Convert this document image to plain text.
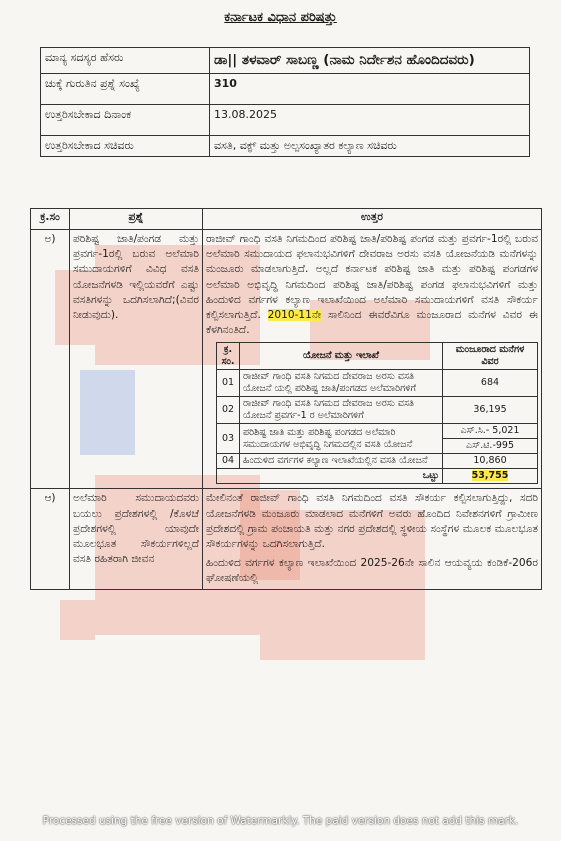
ಕರ್ನಾಟಕ ವಿಧಾನ ಪರಿಷತ್ತು
ಮಾನ್ಯ ಸದಸ್ಯರ ಹೆಸರು	ಡಾ|| ತಳವಾರ್ ಸಾಬಣ್ಣ (ನಾಮ ನಿರ್ದೇಶನ ಹೊಂದಿದವರು)
ಚುಕ್ಕೆ ಗುರುತಿನ ಪ್ರಶ್ನೆ ಸಂಖ್ಯೆ	310
ಉತ್ತರಿಸಬೇಕಾದ ದಿನಾಂಕ	13.08.2025
ಉತ್ತರಿಸಬೇಕಾದ ಸಚಿವರು	ವಸತಿ, ವಕ್ಫ್ ಮತ್ತು ಅಲ್ಪಸಂಖ್ಯಾತರ ಕಲ್ಯಾಣ ಸಚಿವರು
ಕ್ರ.ಸಂ	ಪ್ರಶ್ನೆ	ಉತ್ತರ
ಅ)	ಪರಿಶಿಷ್ಟ ಜಾತಿ/ಪಂಗಡ ಮತ್ತು ಪ್ರವರ್ಗ-1ರಲ್ಲಿ ಬರುವ ಅಲೆಮಾರಿ ಸಮುದಾಯಗಳಿಗೆ ವಿವಿಧ ವಸತಿ ಯೋಜನೆಗಳಡಿ ಇಲ್ಲಿಯವರೆಗೆ ಎಷ್ಟು ವಸತಿಗಳನ್ನು ಒದಗಿಸಲಾಗಿದೆ;(ವಿವರ ನೀಡುವುದು).	
ರಾಜೀವ್ ಗಾಂಧಿ ವಸತಿ ನಿಗಮದಿಂದ ಪರಿಶಿಷ್ಟ ಜಾತಿ/ಪರಿಶಿಷ್ಟ ಪಂಗಡ ಮತ್ತು ಪ್ರವರ್ಗ-1ರಲ್ಲಿ ಬರುವ ಅಲೆಮಾರಿ ಸಮುದಾಯದ ಫಲಾನುಭವಿಗಳಿಗೆ ದೇವರಾಜ ಅರಸು ವಸತಿ ಯೋಜನೆಯಡಿ ಮನೆಗಳನ್ನು ಮಂಜೂರು ಮಾಡಲಾಗುತ್ತಿದೆ. ಅಲ್ಲದೆ ಕರ್ನಾಟಕ ಪರಿಶಿಷ್ಟ ಜಾತಿ ಮತ್ತು ಪರಿಶಿಷ್ಟ ಪಂಗಡಗಳ ಅಲೆಮಾರಿ ಅಭಿವೃದ್ಧಿ ನಿಗಮದಿಂದ ಪರಿಶಿಷ್ಟ ಜಾತಿ/ಪರಿಶಿಷ್ಟ ಪಂಗಡ ಫಲಾನುಭವಿಗಳಿಗೆ ಮತ್ತು ಹಿಂದುಳಿದ ವರ್ಗಗಳ ಕಲ್ಯಾಣ ಇಲಾಖೆಯಿಂದ ಅಲೆಮಾರಿ ಸಮುದಾಯಗಳಿಗೆ ವಸತಿ ಸೌಕರ್ಯ ಕಲ್ಪಿಸಲಾಗುತ್ತಿದೆ. 2010-11ನೇ ಸಾಲಿನಿಂದ ಈವರೆವಿಗೂ ಮಂಜೂರಾದ ಮನೆಗಳ ವಿವರ ಈ ಕೆಳಗಿನಂತಿದೆ.
ಕ್ರ. ಸಂ.	ಯೋಜನೆ ಮತ್ತು ಇಲಾಖೆ	ಮಂಜೂರಾದ ಮನೆಗಳ ವಿವರ
01	ರಾಜೀವ್ ಗಾಂಧಿ ವಸತಿ ನಿಗಮದ ದೇವರಾಜ ಅರಸು ವಸತಿ ಯೋಜನೆ ಯಲ್ಲಿ ಪರಿಶಿಷ್ಟ ಜಾತಿ/ಪಂಗಡದ ಅಲೆಮಾರಿಗಳಿಗೆ	684
02	ರಾಜೀವ್ ಗಾಂಧಿ ವಸತಿ ನಿಗಮದ ದೇವರಾಜ ಅರಸು ವಸತಿ ಯೋಜನೆ ಪ್ರವರ್ಗ-1 ರ ಅಲೆಮಾರಿಗಳಿಗೆ	36,195
03	ಪರಿಶಿಷ್ಟ ಜಾತಿ ಮತ್ತು ಪರಿಶಿಷ್ಟ ಪಂಗಡದ ಅಲೆಮಾರಿ ಸಮುದಾಯಗಳ ಅಭಿವೃದ್ಧಿ ನಿಗಮದಲ್ಲಿನ ವಸತಿ ಯೋಜನೆ	ಎಸ್.ಸಿ.- 5,021
ಎಸ್.ಟಿ.-995
04	ಹಿಂದುಳಿದ ವರ್ಗಗಳ ಕಲ್ಯಾಣ ಇಲಾಖೆಯಲ್ಲಿನ ವಸತಿ ಯೋಜನೆ	10,860
ಒಟ್ಟು	53,755

ಆ)	ಅಲೆಮಾರಿ ಸಮುದಾಯದವರು ಬಯಲು ಪ್ರದೇಶಗಳಲ್ಲಿ /ಕೊಳಚೆ ಪ್ರದೇಶಗಳಲ್ಲಿ ಯಾವುದೇ ಮೂಲಭೂತ ಸೌಕರ್ಯಗಳಿಲ್ಲದೆ ವಸತಿ ರಹಿತರಾಗಿ ಜೀವನ	
ಮೇಲಿನಂತೆ ರಾಜೀವ್ ಗಾಂಧಿ ವಸತಿ ನಿಗಮದಿಂದ ವಸತಿ ಸೌಕರ್ಯ ಕಲ್ಪಿಸಲಾಗುತ್ತಿದ್ದು, ಸದರಿ ಯೋಜನೆಗಳಡಿ ಮಂಜೂರು ಮಾಡಲಾದ ಮನೆಗಳಿಗೆ ಅವರು ಹೊಂದಿದ ನಿವೇಶನಗಳಿಗೆ ಗ್ರಾಮೀಣ ಪ್ರದೇಶದಲ್ಲಿ ಗ್ರಾಮ ಪಂಚಾಯತಿ ಮತ್ತು ನಗರ ಪ್ರದೇಶದಲ್ಲಿ ಸ್ಥಳೀಯ ಸಂಸ್ಥೆಗಳ ಮೂಲಕ ಮೂಲಭೂತ ಸೌಕರ್ಯಗಳನ್ನು ಒದಗಿಸಲಾಗುತ್ತಿದೆ.
ಹಿಂದುಳಿದ ವರ್ಗಗಳ ಕಲ್ಯಾಣ ಇಲಾಖೆಯಿಂದ 2025-26ನೇ ಸಾಲಿನ ಆಯವ್ಯಯ ಕಂಡಿಕೆ-206ರ ಘೋಷಣೆಯಲ್ಲಿ
Processed using the free version of Watermarkly. The paid version does not add this mark.
